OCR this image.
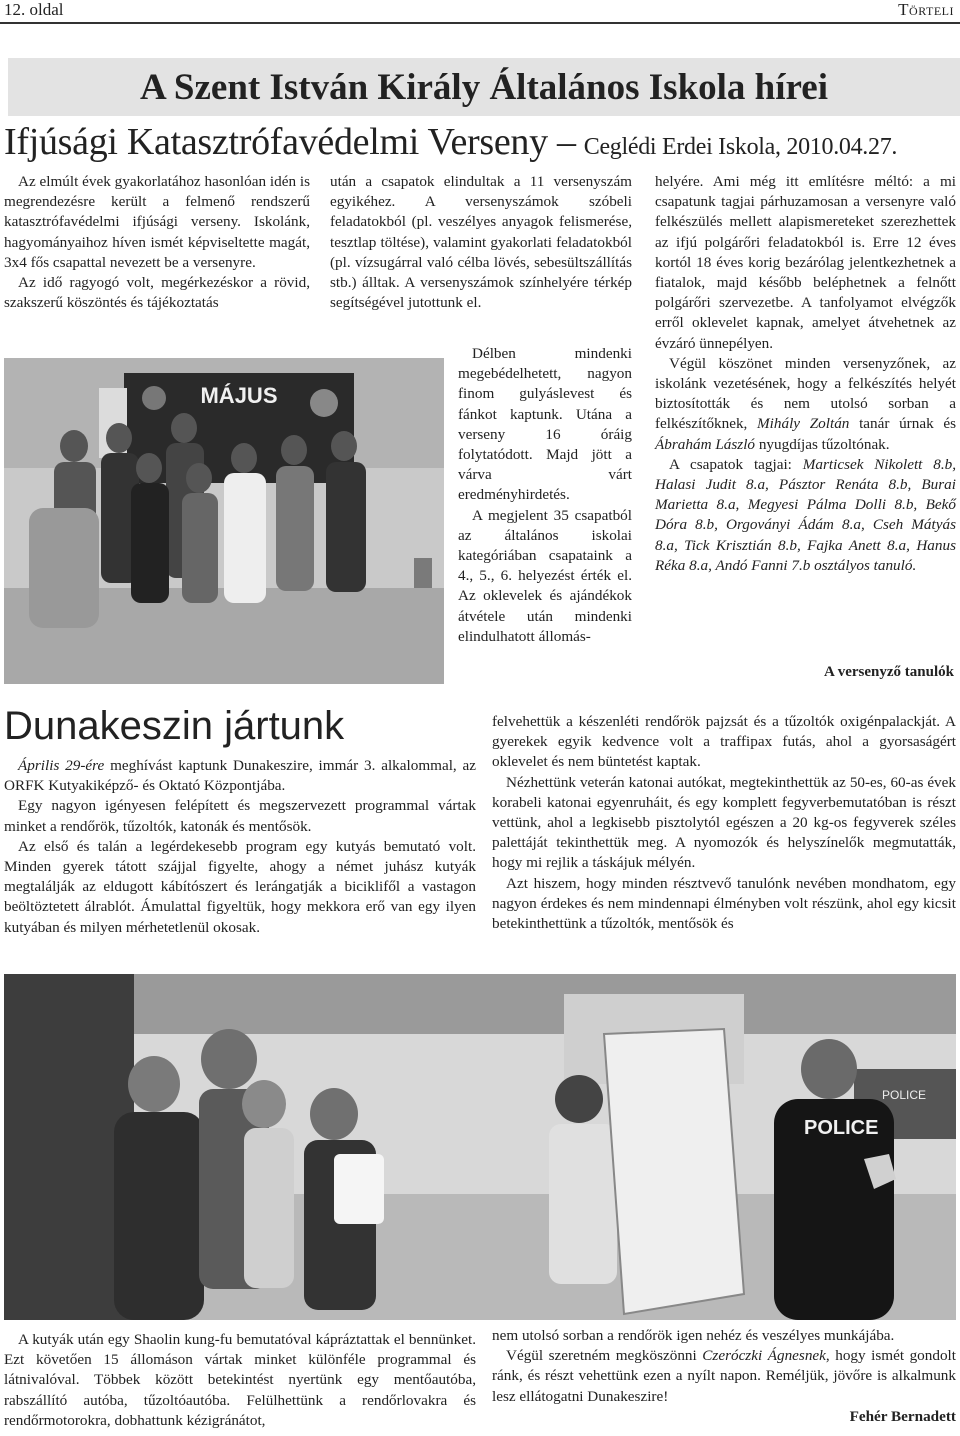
12. oldal	Törteli
A Szent István Király Általános Iskola hírei
Ifjúsági Katasztrófavédelmi Verseny – Ceglédi Erdei Iskola, 2010.04.27.

Az elmúlt évek gyakorlatához hasonlóan idén is megrendezésre került a felmenő rendszerű katasztrófavédelmi ifjúsági verseny. Iskolánk, hagyományaihoz híven ismét képviseltette magát, 3x4 fős csapattal nevezett be a versenyre.

Az idő ragyogó volt, megérkezéskor a rövid, szakszerű köszöntés és tájékoztatás

MÁJUS

után a csapatok elindultak a 11 versenyszám egyikéhez. A versenyszámok szóbeli feladatokból (pl. veszélyes anyagok felismerése, tesztlap töltése), valamint gyakorlati feladatokból (pl. vízsugárral való célba lövés, sebesültszállítás stb.) álltak. A versenyszámok színhelyére térkép segítségével jutottunk el.

Délben mindenki megebédelhetett, nagyon finom gulyáslevest és fánkot kaptunk. Utána a verseny 16 óráig folytatódott. Majd jött a várva várt eredményhirdetés.

A megjelent 35 csapatból az általános iskolai kategóriában csapataink a 4., 5., 6. helyezést érték el. Az oklevelek és ajándékok átvétele után mindenki elindulhatott állomás-

helyére. Ami még itt említésre méltó: a mi csapatunk tagjai párhuzamosan a versenyre való felkészülés mellett alapismereteket szerezhettek az ifjú polgárőri feladatokból is. Erre 12 éves kortól 18 éves korig bezárólag jelentkezhetnek a fiatalok, majd később beléphetnek a felnőtt polgárőri szervezetbe. A tanfolyamot elvégzők erről oklevelet kapnak, amelyet átvehetnek az évzáró ünnepélyen.

Végül köszönet minden versenyzőnek, az iskolánk vezetésének, hogy a felkészítés helyét biztosították és nem utolsó sorban a felkészítőknek, Mihály Zoltán tanár úrnak és Ábrahám László nyugdíjas tűzoltónak.

A csapatok tagjai: Marticsek Nikolett 8.b, Halasi Judit 8.a, Pásztor Renáta 8.b, Burai Marietta 8.a, Megyesi Pálma Dolli 8.b, Bekő Dóra 8.b, Orgoványi Ádám 8.a, Cseh Mátyás 8.a, Tick Krisztián 8.b, Fajka Anett 8.a, Hanus Réka 8.a, Andó Fanni 7.b osztályos tanuló.

A versenyző tanulók
Dunakeszin jártunk

Április 29-ére meghívást kaptunk Dunakeszire, immár 3. alkalommal, az ORFK Kutyakiképző- és Oktató Központjába.

Egy nagyon igényesen felépített és megszervezett programmal vártak minket a rendőrök, tűzoltók, katonák és mentősök.

Az első és talán a legérdekesebb program egy kutyás bemutató volt. Minden gyerek tátott szájjal figyelte, ahogy a német juhász kutyák megtalálják az eldugott kábítószert és lerángatják a biciklifől a vastagon beöltöztetett álrablót. Ámulattal figyeltük, hogy mekkora erő van egy ilyen kutyában és milyen mérhetetlenül okosak.

felvehettük a készenléti rendőrök pajzsát és a tűzoltók oxigénpalackját. A gyerekek egyik kedvence volt a traffipax futás, ahol a gyorsaságért oklevelet és nem büntetést kaptak.

Nézhettünk veterán katonai autókat, megtekinthettük az 50-es, 60-as évek korabeli katonai egyenruháit, és egy komplett fegyverbemutatóban is részt vettünk, ahol a legkisebb pisztolytól egészen a 20 kg-os fegyverek széles palettáját tekinthettük meg. A nyomozók és helyszínelők megmutatták, hogy mi rejlik a táskájuk mélyén.

Azt hiszem, hogy minden résztvevő tanulónk nevében mondhatom, egy nagyon érdekes és nem mindennapi élményben volt részünk, ahol egy kicsit betekinthettünk a tűzoltók, mentősök és

POLICE
POLICE

A kutyák után egy Shaolin kung-fu bemutatóval kápráztattak el bennünket. Ezt követően 15 állomáson vártak minket különféle programmal és látnivalóval. Többek között betekintést nyertünk egy mentőautóba, rabszállító autóba, tűzoltóautóba. Felülhettünk a rendőrlovakra és rendőrmotorokra, dobhattunk kézigránátot,

nem utolsó sorban a rendőrök igen nehéz és veszélyes munkájába.

Végül szeretném megköszönni Czeróczki Ágnesnek, hogy ismét gondolt ránk, és részt vehettünk ezen a nyílt napon. Reméljük, jövőre is alkalmunk lesz ellátogatni Dunakeszire!

Fehér Bernadett
